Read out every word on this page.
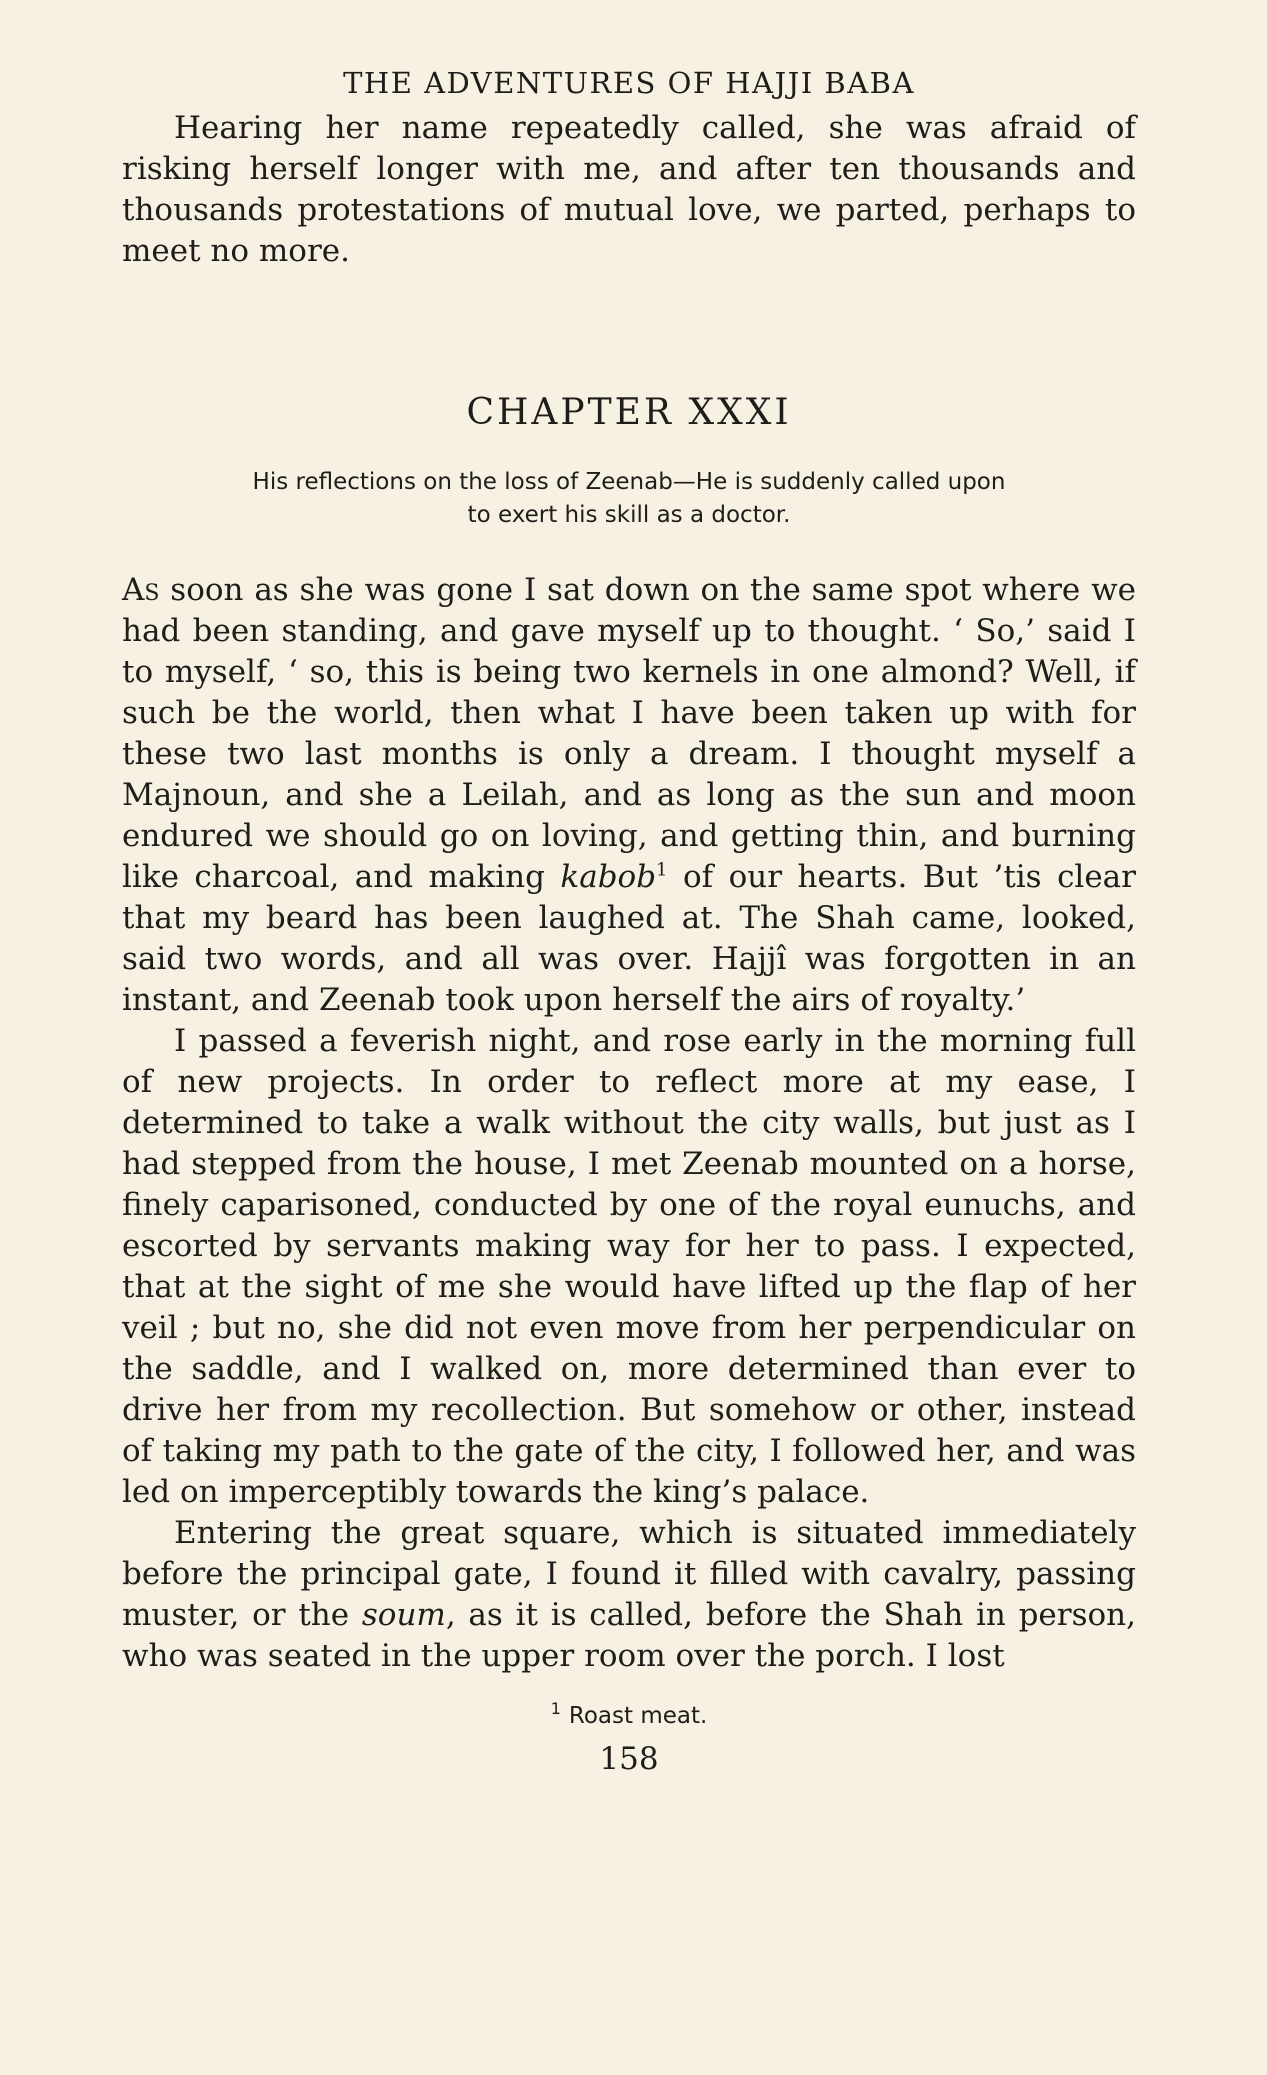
THE ADVENTURES OF HAJJI BABA

Hearing her name repeatedly called, she was afraid of risking herself longer with me, and after ten thousands and thousands protestations of mutual love, we parted, perhaps to meet no more.

CHAPTER XXXI
His reflections on the loss of Zeenab—He is suddenly called upon
to exert his skill as a doctor.

As soon as she was gone I sat down on the same spot where we had been standing, and gave myself up to thought. ‘ So,’ said I to myself, ‘ so, this is being two kernels in one almond? Well, if such be the world, then what I have been taken up with for these two last months is only a dream. I thought myself a Majnoun, and she a Leilah, and as long as the sun and moon endured we should go on loving, and getting thin, and burning like charcoal, and making kabob$^1$ of our hearts. But ’tis clear that my beard has been laughed at. The Shah came, looked, said two words, and all was over. Hajjî was forgotten in an instant, and Zeenab took upon herself the airs of royalty.’

I passed a feverish night, and rose early in the morning full of new projects. In order to reflect more at my ease, I determined to take a walk without the city walls, but just as I had stepped from the house, I met Zeenab mounted on a horse, finely caparisoned, conducted by one of the royal eunuchs, and escorted by servants making way for her to pass. I expected, that at the sight of me she would have lifted up the flap of her veil ; but no, she did not even move from her perpendicular on the saddle, and I walked on, more determined than ever to drive her from my recollection. But somehow or other, instead of taking my path to the gate of the city, I followed her, and was led on imperceptibly towards the king’s palace.

Entering the great square, which is situated immediately before the principal gate, I found it filled with cavalry, passing muster, or the soum, as it is called, before the Shah in person, who was seated in the upper room over the porch. I lost

$^1$ Roast meat.
158
